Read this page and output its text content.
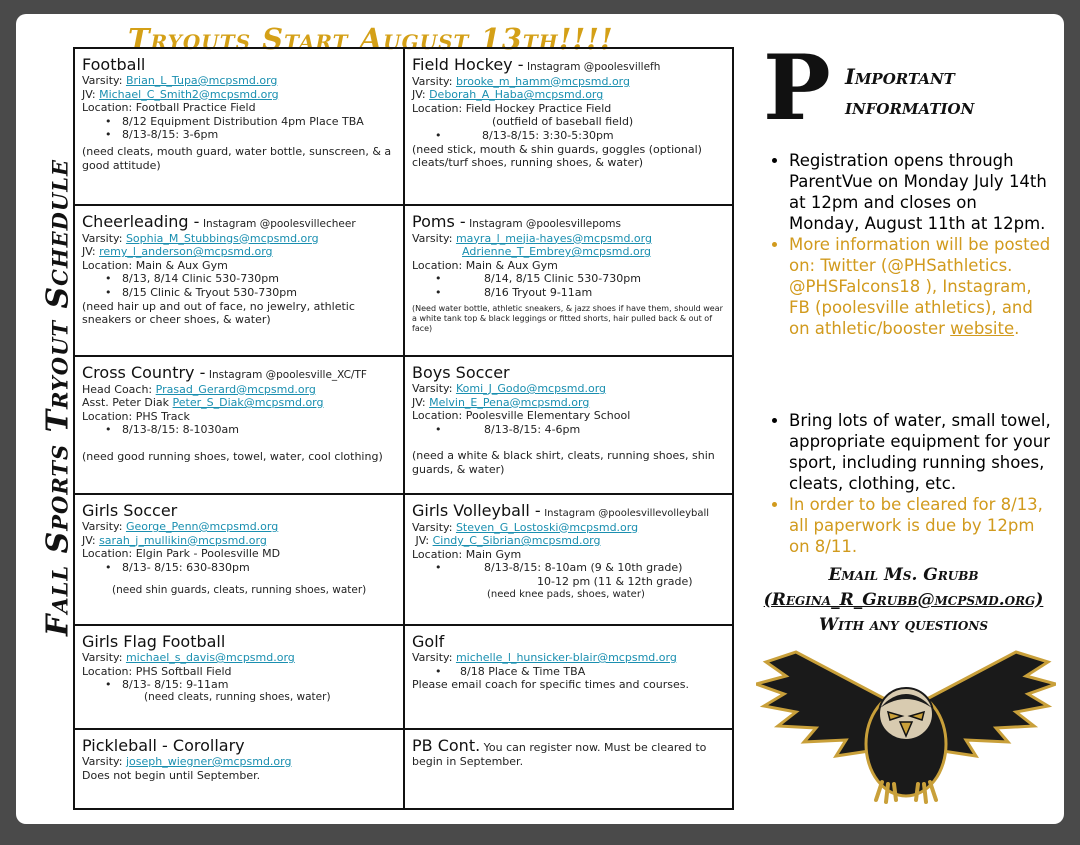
Tryouts Start August 13th!!!!
Fall Sports Tryout Schedule
Football
Varsity: Brian_L_Tupa@mcpsmd.org
JV: Michael_C_Smith2@mcpsmd.org
Location: Football Practice Field
• 8/12 Equipment Distribution 4pm Place TBA
• 8/13-8/15: 3-6pm
(need cleats, mouth guard, water bottle, sunscreen, & a good attitude)
Field Hockey - Instagram @poolesvillefh
Varsity: brooke_m_hamm@mcpsmd.org
JV: Deborah_A_Haba@mcpsmd.org
Location: Field Hockey Practice Field
(outfield of baseball field)
• 8/13-8/15: 3:30-5:30pm
(need stick, mouth & shin guards, goggles (optional) cleats/turf shoes, running shoes, & water)
Cheerleading - Instagram @poolesvillecheer
Varsity: Sophia_M_Stubbings@mcpsmd.org
JV: remy_l_anderson@mcpsmd.org
Location: Main & Aux Gym
• 8/13, 8/14 Clinic 530-730pm
• 8/15 Clinic & Tryout 530-730pm
(need hair up and out of face, no jewelry, athletic sneakers or cheer shoes, & water)
Poms - Instagram @poolesvillepoms
Varsity: mayra_l_mejia-hayes@mcpsmd.org
Adrienne_T_Embrey@mcpsmd.org
Location: Main & Aux Gym
• 8/14, 8/15 Clinic 530-730pm
• 8/16 Tryout 9-11am
(Need water bottle, athletic sneakers, & jazz shoes if have them, should wear a white tank top & black leggings or fitted shorts, hair pulled back & out of face)
Cross Country - Instagram @poolesville_XC/TF
Head Coach: Prasad_Gerard@mcpsmd.org
Asst. Peter Diak Peter_S_Diak@mcpsmd.org
Location: PHS Track
• 8/13-8/15: 8-1030am
(need good running shoes, towel, water, cool clothing)
Boys Soccer
Varsity: Komi_J_Godo@mcpsmd.org
JV: Melvin_E_Pena@mcpsmd.org
Location: Poolesville Elementary School
• 8/13-8/15: 4-6pm
(need a white & black shirt, cleats, running shoes, shin guards, & water)
Girls Soccer
Varsity: George_Penn@mcpsmd.org
JV: sarah_j_mullikin@mcpsmd.org
Location: Elgin Park - Poolesville MD
• 8/13- 8/15: 630-830pm
(need shin guards, cleats, running shoes, water)
Girls Volleyball - Instagram @poolesvillevolleyball
Varsity: Steven_G_Lostoski@mcpsmd.org
JV: Cindy_C_Sibrian@mcpsmd.org
Location: Main Gym
• 8/13-8/15: 8-10am (9 & 10th grade)
10-12 pm (11 & 12th grade)
(need knee pads, shoes, water)
Girls Flag Football
Varsity: michael_s_davis@mcpsmd.org
Location: PHS Softball Field
• 8/13- 8/15: 9-11am
(need cleats, running shoes, water)
Golf
Varsity: michelle_l_hunsicker-blair@mcpsmd.org
• 8/18 Place & Time TBA
Please email coach for specific times and courses.
Pickleball - Corollary
Varsity: joseph_wiegner@mcpsmd.org
Does not begin until September.
PB Cont. You can register now. Must be cleared to begin in September.
P Important
information
• Registration opens through ParentVue on Monday July 14th at 12pm and closes on Monday, August 11th at 12pm.
• More information will be posted on: Twitter (@PHSathletics. @PHSFalcons18 ), Instagram, FB (poolesville athletics), and on athletic/booster website.
• Bring lots of water, small towel, appropriate equipment for your sport, including running shoes, cleats, clothing, etc.
• In order to be cleared for 8/13, all paperwork is due by 12pm on 8/11.
Email Ms. Grubb
(Regina_R_Grubb@mcpsmd.org)
With any questions
